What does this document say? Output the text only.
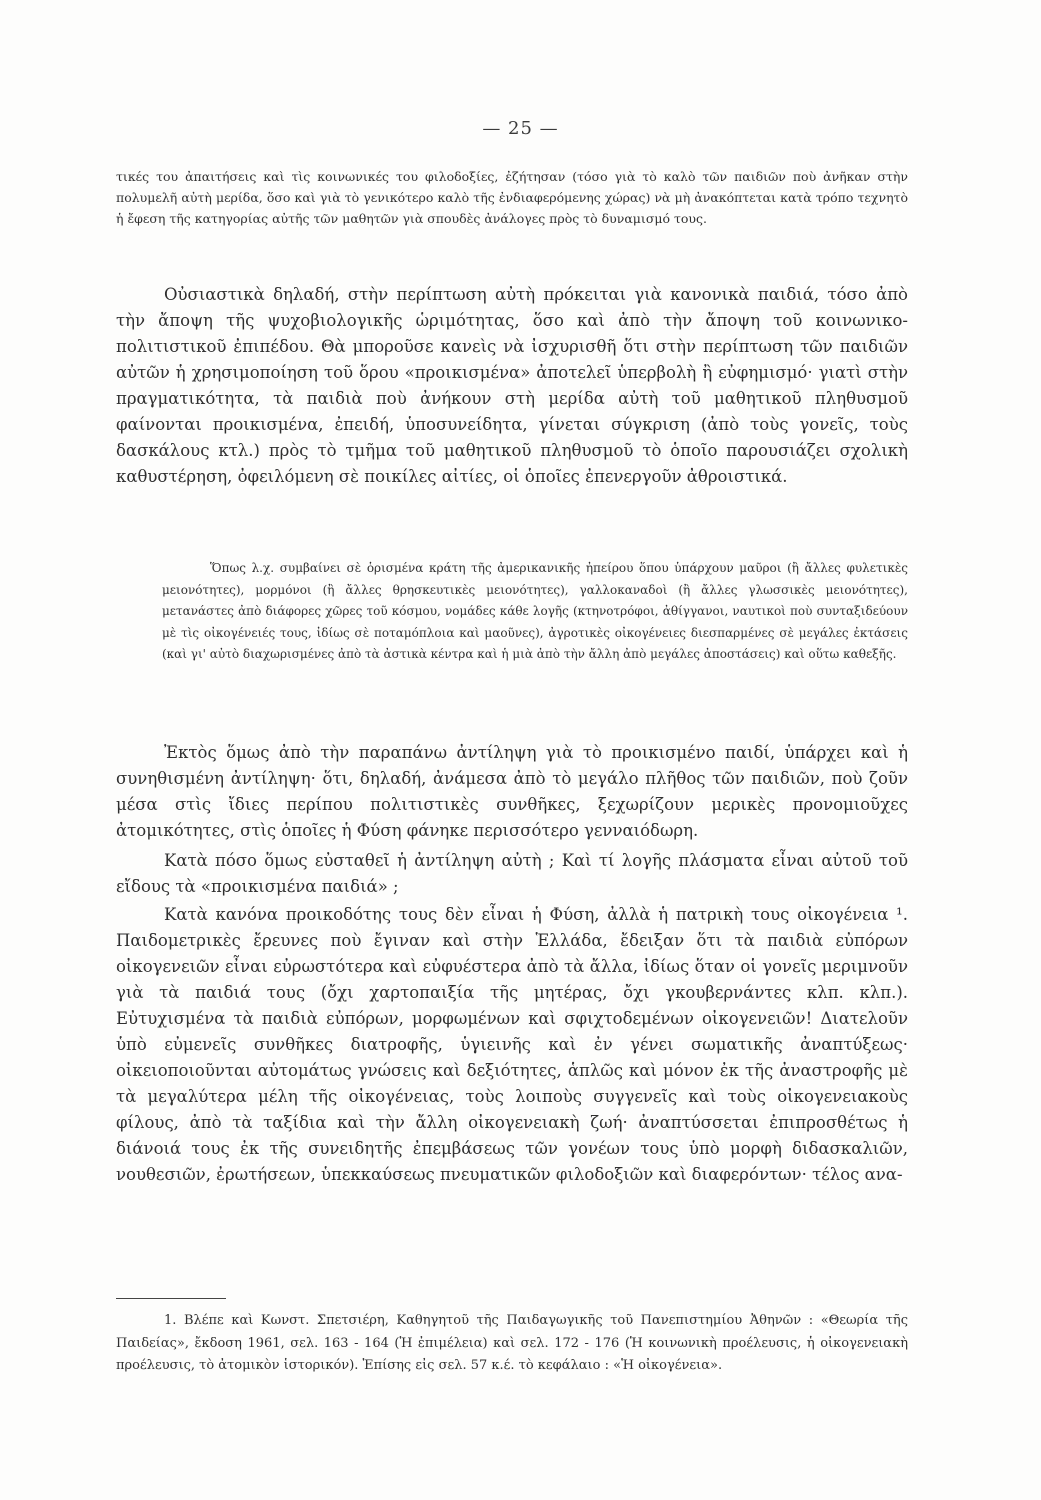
— 25 —

τικές του ἀπαιτήσεις καὶ τὶς κοινωνικές του φιλοδοξίες, ἐζήτησαν (τόσο γιὰ τὸ καλὸ τῶν παιδιῶν ποὺ ἀνῆκαν στὴν πολυμελῆ αὐτὴ μερίδα, ὅσο καὶ γιὰ τὸ γενικότερο καλὸ τῆς ἐνδιαφερόμενης χώρας) νὰ μὴ ἀνακόπτεται κατὰ τρόπο τεχνητὸ ἡ ἔφεση τῆς κατηγορίας αὐτῆς τῶν μαθητῶν γιὰ σπουδὲς ἀνάλογες πρὸς τὸ δυναμισμό τους.

Οὐσιαστικὰ δηλαδή, στὴν περίπτωση αὐτὴ πρόκειται γιὰ κανονικὰ παιδιά, τόσο ἀπὸ τὴν ἄποψη τῆς ψυχοβιολογικῆς ὡριμότητας, ὅσο καὶ ἀπὸ τὴν ἄποψη τοῦ κοινωνικο-πολιτιστικοῦ ἐπιπέδου. Θὰ μποροῦσε κανεὶς νὰ ἰσχυρισθῆ ὅτι στὴν περίπτωση τῶν παιδιῶν αὐτῶν ἡ χρησιμοποίηση τοῦ ὅρου «προικισμένα» ἀποτελεῖ ὑπερβολὴ ἢ εὐφημισμό· γιατὶ στὴν πραγματικότητα, τὰ παιδιὰ ποὺ ἀνήκουν στὴ μερίδα αὐτὴ τοῦ μαθητικοῦ πληθυσμοῦ φαίνονται προικισμένα, ἐπειδή, ὑποσυνείδητα, γίνεται σύγκριση (ἀπὸ τοὺς γονεῖς, τοὺς δασκάλους κτλ.) πρὸς τὸ τμῆμα τοῦ μαθητικοῦ πληθυσμοῦ τὸ ὁποῖο παρουσιάζει σχολικὴ καθυστέρηση, ὀφειλόμενη σὲ ποικίλες αἰτίες, οἱ ὁποῖες ἐπενεργοῦν ἀθροιστικά.

Ὅπως λ.χ. συμβαίνει σὲ ὁρισμένα κράτη τῆς ἀμερικανικῆς ἠπείρου ὅπου ὑπάρχουν μαῦροι (ἢ ἄλλες φυλετικὲς μειονότητες), μορμόνοι (ἢ ἄλλες θρησκευτικὲς μειονότητες), γαλλοκαναδοὶ (ἢ ἄλλες γλωσσικὲς μειονότητες), μετανάστες ἀπὸ διάφορες χῶρες τοῦ κόσμου, νομάδες κάθε λογῆς (κτηνοτρόφοι, ἀθίγγανοι, ναυτικοὶ ποὺ συνταξιδεύουν μὲ τὶς οἰκογένειές τους, ἰδίως σὲ ποταμόπλοια καὶ μαοῦνες), ἀγροτικὲς οἰκογένειες διεσπαρμένες σὲ μεγάλες ἐκτάσεις (καὶ γι' αὐτὸ διαχωρισμένες ἀπὸ τὰ ἀστικὰ κέντρα καὶ ἡ μιὰ ἀπὸ τὴν ἄλλη ἀπὸ μεγάλες ἀποστάσεις) καὶ οὕτω καθεξῆς.

Ἐκτὸς ὅμως ἀπὸ τὴν παραπάνω ἀντίληψη γιὰ τὸ προικισμένο παιδί, ὑπάρχει καὶ ἡ συνηθισμένη ἀντίληψη· ὅτι, δηλαδή, ἀνάμεσα ἀπὸ τὸ μεγάλο πλῆθος τῶν παιδιῶν, ποὺ ζοῦν μέσα στὶς ἴδιες περίπου πολιτιστικὲς συνθῆκες, ξεχωρίζουν μερικὲς προνομιοῦχες ἀτομικότητες, στὶς ὁποῖες ἡ Φύση φάνηκε περισσότερο γενναιόδωρη.

Κατὰ πόσο ὅμως εὐσταθεῖ ἡ ἀντίληψη αὐτὴ ; Καὶ τί λογῆς πλάσματα εἶναι αὐτοῦ τοῦ εἴδους τὰ «προικισμένα παιδιά» ;

Κατὰ κανόνα προικοδότης τους δὲν εἶναι ἡ Φύση, ἀλλὰ ἡ πατρικὴ τους οἰκογένεια ¹. Παιδομετρικὲς ἔρευνες ποὺ ἔγιναν καὶ στὴν Ἑλλάδα, ἔδειξαν ὅτι τὰ παιδιὰ εὐπόρων οἰκογενειῶν εἶναι εὐρωστότερα καὶ εὐφυέστερα ἀπὸ τὰ ἄλλα, ἰδίως ὅταν οἱ γονεῖς μεριμνοῦν γιὰ τὰ παιδιά τους (ὄχι χαρτοπαιξία τῆς μητέρας, ὄχι γκουβερνάντες κλπ. κλπ.). Εὐτυχισμένα τὰ παιδιὰ εὐπόρων, μορφωμένων καὶ σφιχτοδεμένων οἰκογενειῶν! Διατελοῦν ὑπὸ εὐμενεῖς συνθῆκες διατροφῆς, ὑγιεινῆς καὶ ἐν γένει σωματικῆς ἀναπτύξεως· οἰκειοποιοῦνται αὐτομάτως γνώσεις καὶ δεξιότητες, ἁπλῶς καὶ μόνον ἐκ τῆς ἀναστροφῆς μὲ τὰ μεγαλύτερα μέλη τῆς οἰκογένειας, τοὺς λοιποὺς συγγενεῖς καὶ τοὺς οἰκογενειακοὺς φίλους, ἀπὸ τὰ ταξίδια καὶ τὴν ἄλλη οἰκογενειακὴ ζωή· ἀναπτύσσεται ἐπιπροσθέτως ἡ διάνοιά τους ἐκ τῆς συνειδητῆς ἐπεμβάσεως τῶν γονέων τους ὑπὸ μορφὴ διδασκαλιῶν, νουθεσιῶν, ἐρωτήσεων, ὑπεκκαύσεως πνευματικῶν φιλοδοξιῶν καὶ διαφερόντων· τέλος ανα-

1. Βλέπε καὶ Κωνστ. Σπετσιέρη, Καθηγητοῦ τῆς Παιδαγωγικῆς τοῦ Πανεπιστημίου Ἀθηνῶν : «Θεωρία τῆς Παιδείας», ἔκδοση 1961, σελ. 163 - 164 (Ἡ ἐπιμέλεια) καὶ σελ. 172 - 176 (Ἡ κοινωνικὴ προέλευσις, ἡ οἰκογενειακὴ προέλευσις, τὸ ἀτομικὸν ἱστορικόν). Ἐπίσης εἰς σελ. 57 κ.έ. τὸ κεφάλαιο : «Ἡ οἰκογένεια».
